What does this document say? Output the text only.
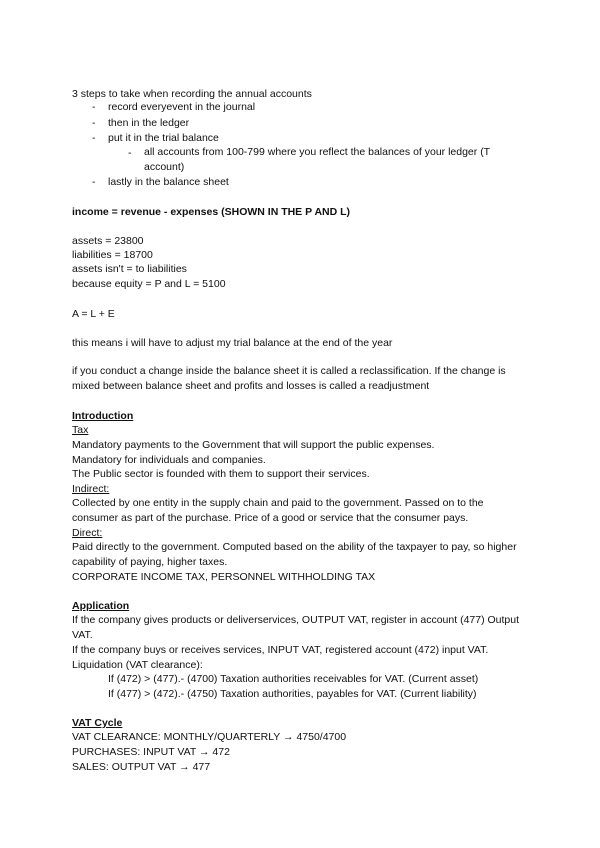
3 steps to take when recording the annual accounts
- record everyevent in the journal
- then in the ledger
- put it in the trial balance
- all accounts from 100-799 where you reflect the balances of your ledger (T account)
- lastly in the balance sheet
income = revenue - expenses (SHOWN IN THE P AND L)
assets = 23800
liabilities = 18700
assets isn't = to liabilities
because equity = P and L = 5100
A = L + E
this means i will have to adjust my trial balance at the end of the year
if you conduct a change inside the balance sheet it is called a reclassification. If the change is mixed between balance sheet and profits and losses is called a readjustment
Introduction
Tax
Mandatory payments to the Government that will support the public expenses.
Mandatory for individuals and companies.
The Public sector is founded with them to support their services.
Indirect:
Collected by one entity in the supply chain and paid to the government. Passed on to the consumer as part of the purchase. Price of a good or service that the consumer pays.
Direct:
Paid directly to the government. Computed based on the ability of the taxpayer to pay, so higher capability of paying, higher taxes.
CORPORATE INCOME TAX, PERSONNEL WITHHOLDING TAX
Application
If the company gives products or deliverservices, OUTPUT VAT, register in account (477) Output VAT.
If the company buys or receives services, INPUT VAT, registered account (472) input VAT.
Liquidation (VAT clearance):
If (472) > (477).- (4700) Taxation authorities receivables for VAT. (Current asset)
If (477) > (472).- (4750) Taxation authorities, payables for VAT. (Current liability)
VAT Cycle
VAT CLEARANCE: MONTHLY/QUARTERLY → 4750/4700
PURCHASES: INPUT VAT → 472
SALES: OUTPUT VAT → 477
